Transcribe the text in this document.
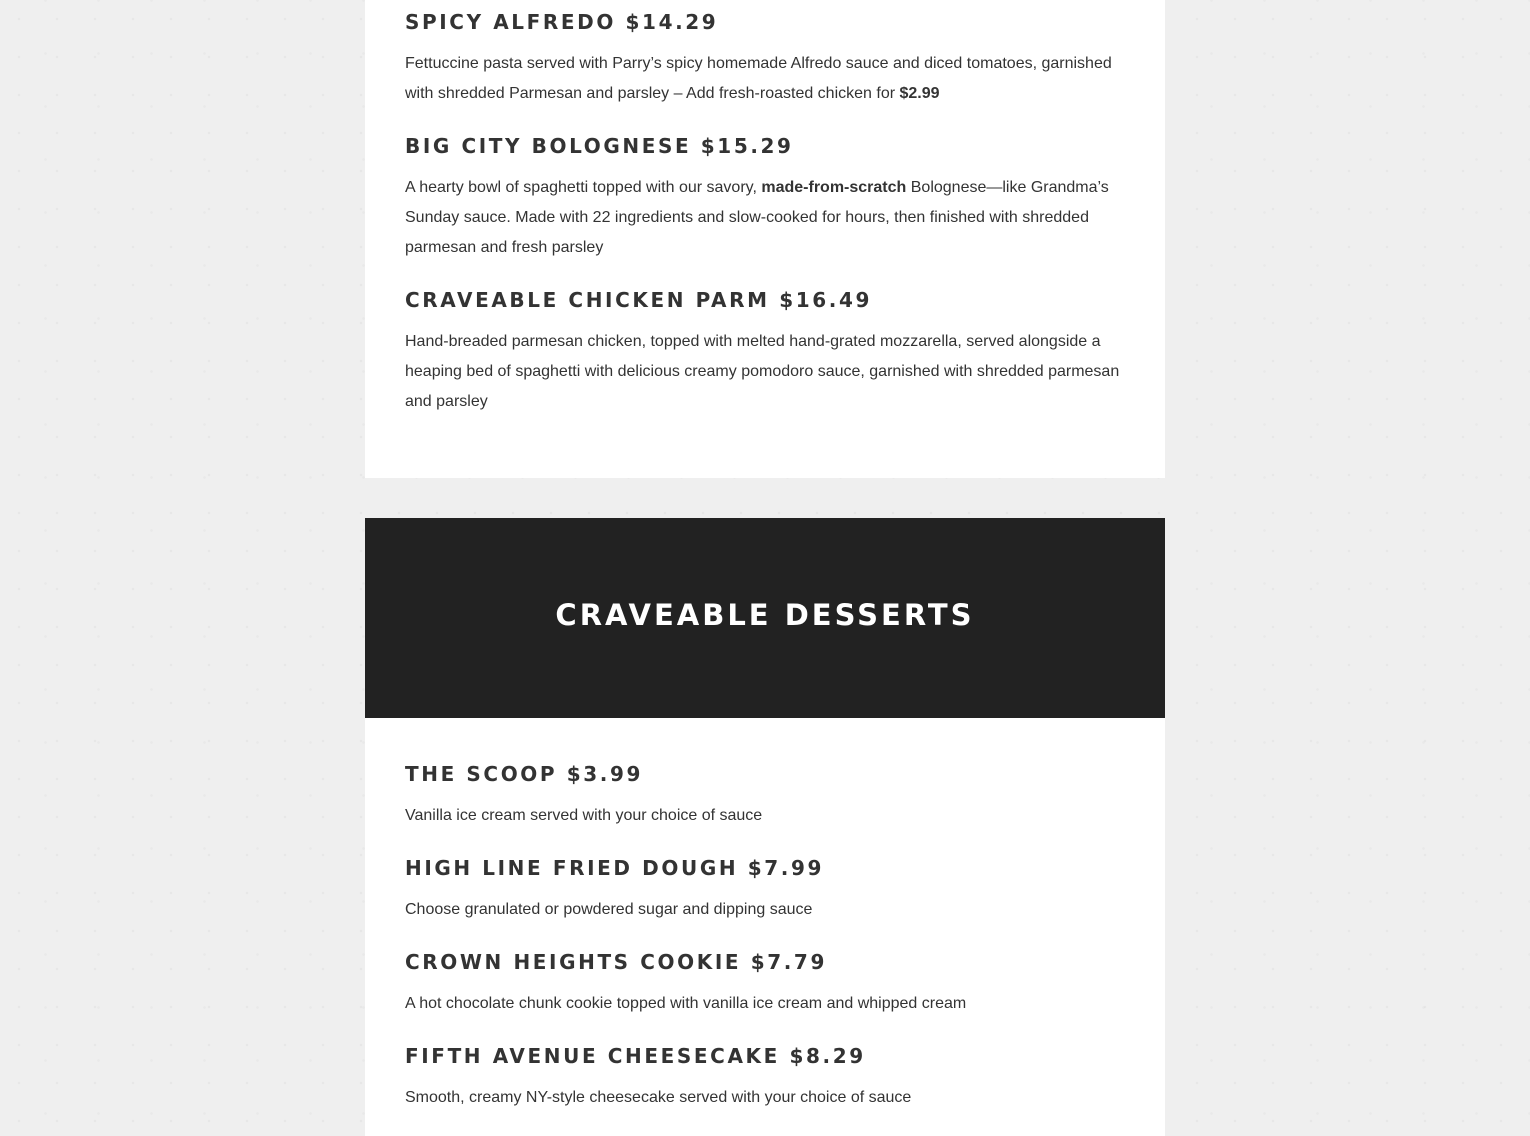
SPICY ALFREDO $14.29

Fettuccine pasta served with Parry’s spicy homemade Alfredo sauce and diced tomatoes, garnished with shredded Parmesan and parsley – Add fresh-roasted chicken for $2.99

BIG CITY BOLOGNESE $15.29

A hearty bowl of spaghetti topped with our savory, made-from-scratch Bolognese—like Grandma’s Sunday sauce. Made with 22 ingredients and slow-cooked for hours, then finished with shredded parmesan and fresh parsley

CRAVEABLE CHICKEN PARM $16.49

Hand-breaded parmesan chicken, topped with melted hand-grated mozzarella, served alongside a heaping bed of spaghetti with delicious creamy pomodoro sauce, garnished with shredded parmesan and parsley

CRAVEABLE DESSERTS
THE SCOOP $3.99

Vanilla ice cream served with your choice of sauce

HIGH LINE FRIED DOUGH $7.99

Choose granulated or powdered sugar and dipping sauce

CROWN HEIGHTS COOKIE $7.79

A hot chocolate chunk cookie topped with vanilla ice cream and whipped cream

FIFTH AVENUE CHEESECAKE $8.29

Smooth, creamy NY-style cheesecake served with your choice of sauce
